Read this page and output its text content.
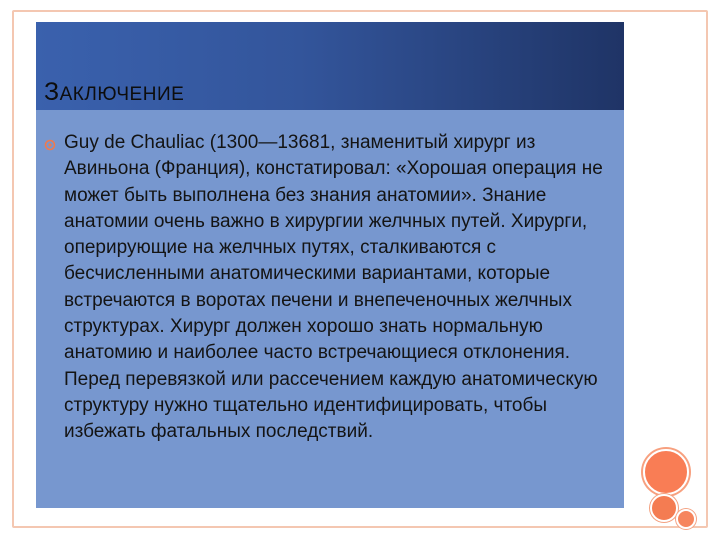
ЗАКЛЮЧЕНИЕ

Guy de Chauliac (1300—13681, знаменитый хирург из Авиньона (Франция), констатировал: «Хорошая операция не может быть выполнена без знания анатомии». Знание анатомии очень важно в хирургии желчных путей. Хирурги, оперирующие на желчных путях, сталкиваются с бесчисленными анатомическими вариантами, которые встречаются в воротах печени и внепеченочных желчных структурах. Хирург должен хорошо знать нормальную анатомию и наиболее часто встречающиеся отклонения. Перед перевязкой или рассечением каждую анатомическую структуру нужно тщательно идентифицировать, чтобы избежать фатальных последствий.
